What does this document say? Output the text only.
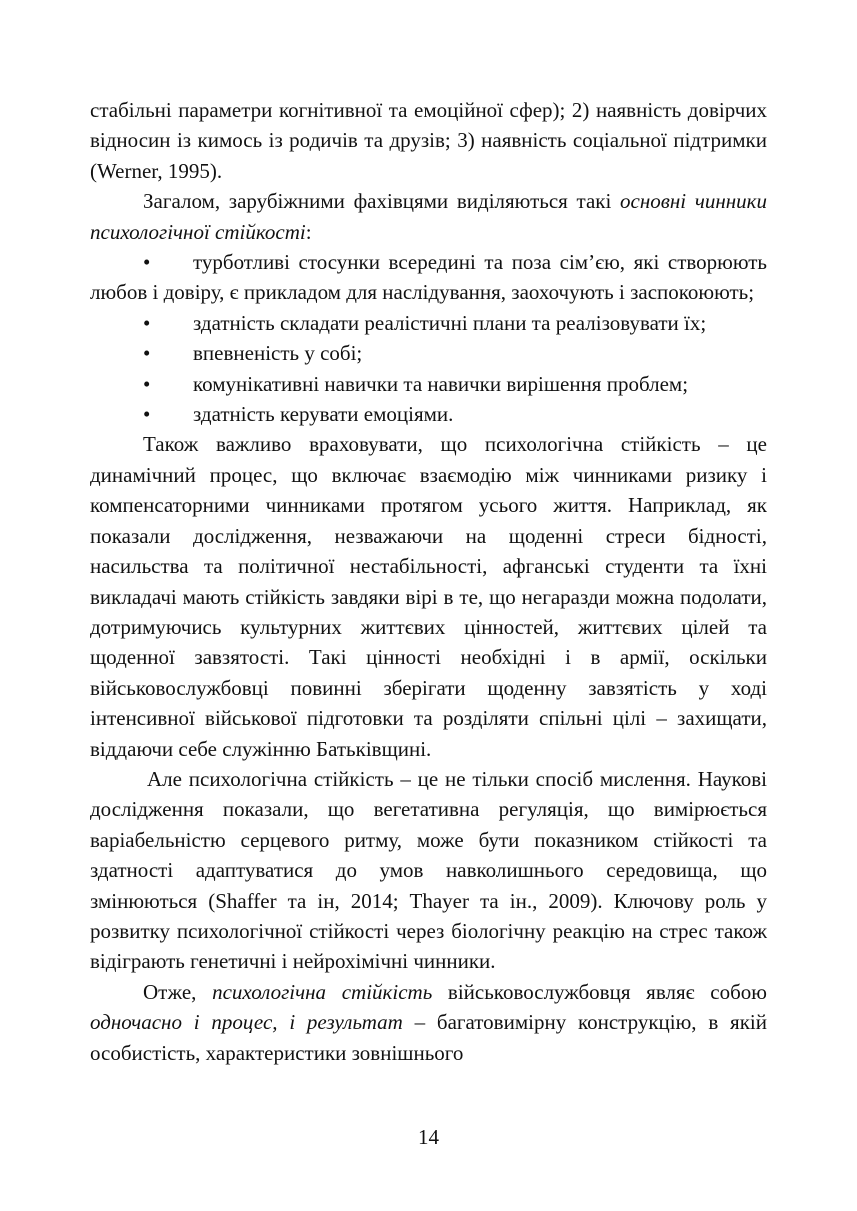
стабільні параметри когнітивної та емоційної сфер); 2) наявність довірчих відносин із кимось із родичів та друзів; 3) наявність соціальної підтримки (Werner, 1995).

Загалом, зарубіжними фахівцями виділяються такі основні чинники психологічної стійкості:

• турботливі стосунки всередині та поза сім’єю, які створюють любов і довіру, є прикладом для наслідування, заохочують і заспокоюють;
• здатність складати реалістичні плани та реалізовувати їх;
• впевненість у собі;
• комунікативні навички та навички вирішення проблем;
• здатність керувати емоціями.

Також важливо враховувати, що психологічна стійкість – це динамічний процес, що включає взаємодію між чинниками ризику і компенсаторними чинниками протягом усього життя. Наприклад, як показали дослідження, незважаючи на щоденні стреси бідності, насильства та політичної нестабільності, афганські студенти та їхні викладачі мають стійкість завдяки вірі в те, що негаразди можна подолати, дотримуючись культурних життєвих цінностей, життєвих цілей та щоденної завзятості. Такі цінності необхідні і в армії, оскільки військовослужбовці повинні зберігати щоденну завзятість у ході інтенсивної військової підготовки та розділяти спільні цілі – захищати, віддаючи себе служінню Батьківщині.

Але психологічна стійкість – це не тільки спосіб мислення. Наукові дослідження показали, що вегетативна регуляція, що вимірюється варіабельністю серцевого ритму, може бути показником стійкості та здатності адаптуватися до умов навколишнього середовища, що змінюються (Shaffer та ін, 2014; Thayer та ін., 2009). Ключову роль у розвитку психологічної стійкості через біологічну реакцію на стрес також відіграють генетичні і нейрохімічні чинники.

Отже, психологічна стійкість військовослужбовця являє собою одночасно і процес, і результат – багатовимірну конструкцію, в якій особистість, характеристики зовнішнього

14
